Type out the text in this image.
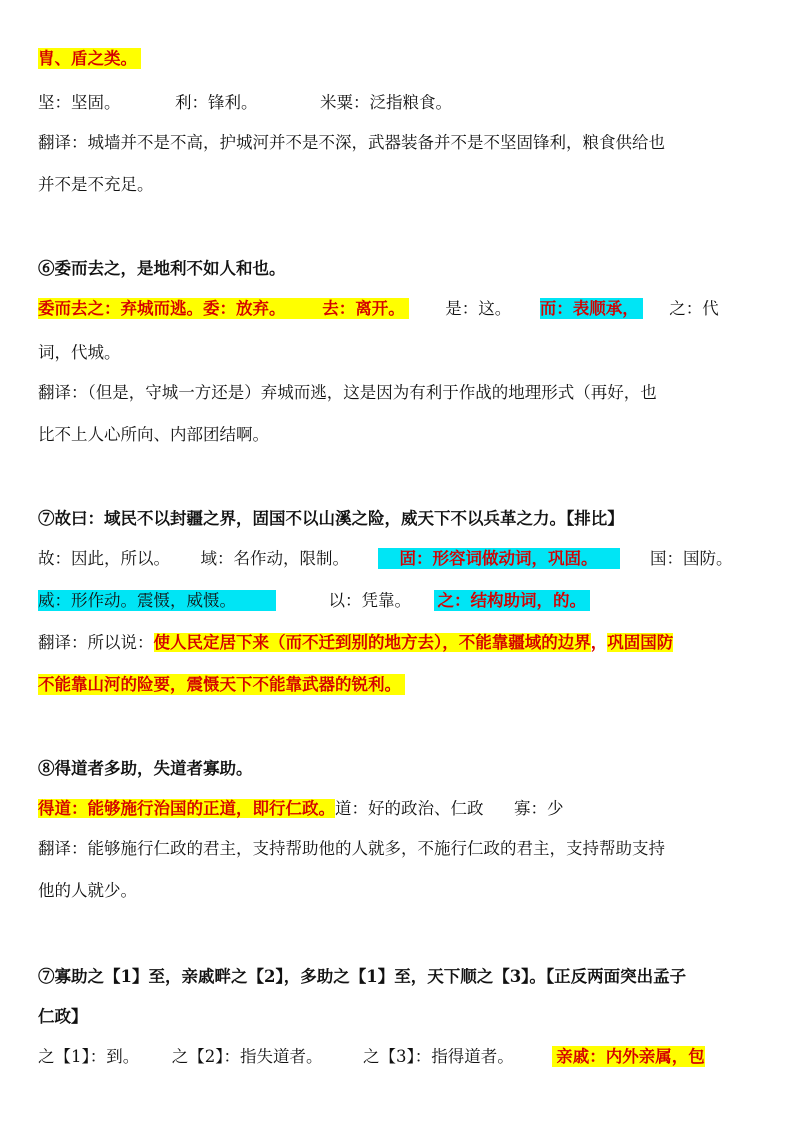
胄、盾之类。
坚：坚固。	利：锋利。	米粟：泛指粮食。
翻译：城墙并不是不高，护城河并不是不深，武器装备并不是不坚固锋利，粮食供给也
并不是不充足。
⑥委而去之，是地利不如人和也。
委而去之：弃城而逃。委：放弃。   去：离开。 是：这。 而：表顺承， 之：代
词，代城。
翻译：（但是，守城一方还是）弃城而逃，这是因为有利于作战的地理形式（再好，也
比不上人心所向、内部团结啊。
⑦故曰：域民不以封疆之界，固国不以山溪之险，威天下不以兵革之力。【排比】
故：因此，所以。 域：名作动，限制。	固：形容词做动词，巩固。	国：国防。
威：形作动。震慑，威慑。	以：凭靠。 之：结构助词，的。
翻译：所以说：使人民定居下来（而不迁到别的地方去），不能靠疆域的边界，巩固国防
不能靠山河的险要，震慑天下不能靠武器的锐利。
⑧得道者多助，失道者寡助。
得道：能够施行治国的正道，即行仁政。道：好的政治、仁政 寡：少
翻译：能够施行仁政的君主，支持帮助他的人就多，不施行仁政的君主，支持帮助支持
他的人就少。
⑦寡助之【1】至，亲戚畔之【2】，多助之【1】至，天下顺之【3】。【正反两面突出孟子
仁政】
之【1】：到。 之【2】：指失道者。 之【3】：指得道者。	亲戚：内外亲属，包
